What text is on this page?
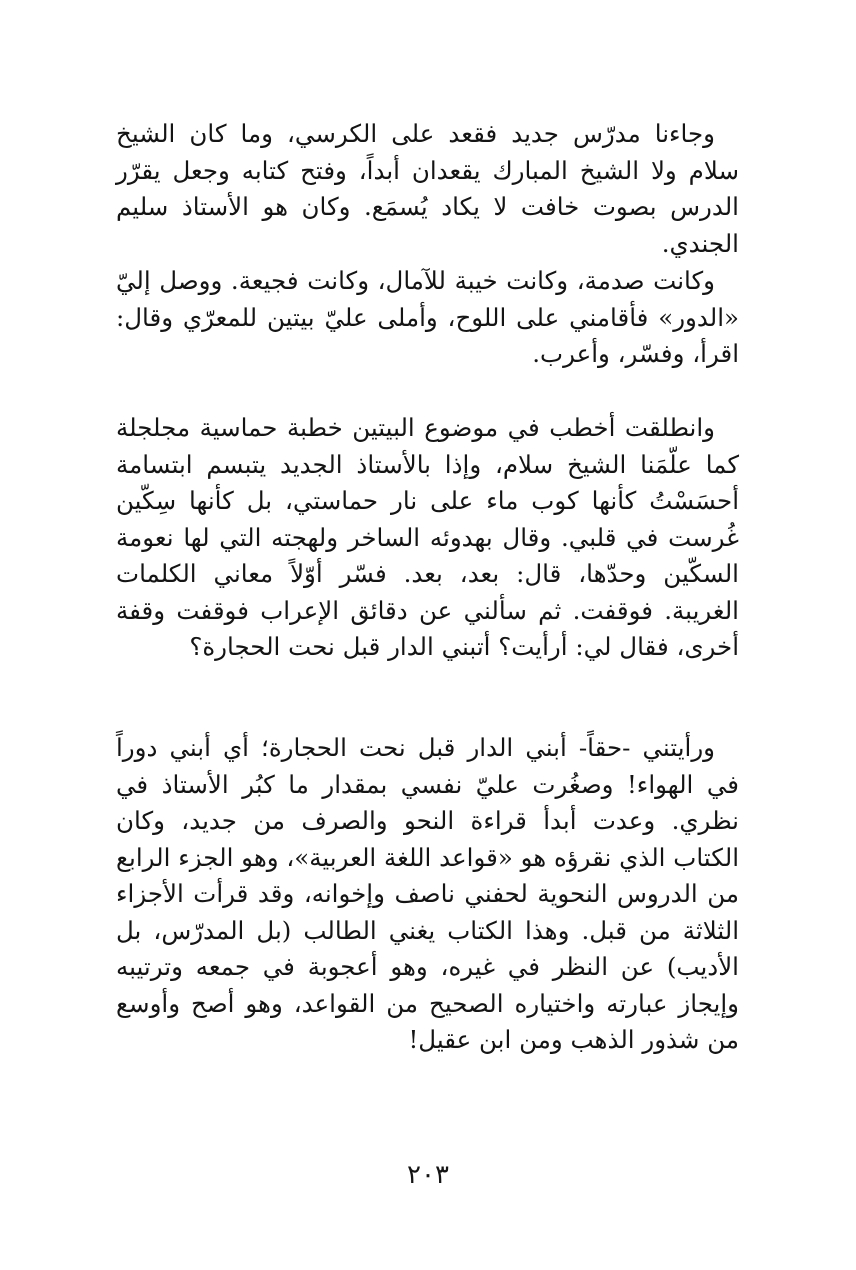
وجاءنا مدرّس جديد فقعد على الكرسي، وما كان الشيخ سلام ولا الشيخ المبارك يقعدان أبداً، وفتح كتابه وجعل يقرّر الدرس بصوت خافت لا يكاد يُسمَع. وكان هو الأستاذ سليم الجندي.

وكانت صدمة، وكانت خيبة للآمال، وكانت فجيعة. ووصل إليّ «الدور» فأقامني على اللوح، وأملى عليّ بيتين للمعرّي وقال: اقرأ، وفسّر، وأعرب.

وانطلقت أخطب في موضوع البيتين خطبة حماسية مجلجلة كما علّمَنا الشيخ سلام، وإذا بالأستاذ الجديد يتبسم ابتسامة أحسَسْتُ كأنها كوب ماء على نار حماستي، بل كأنها سِكّين غُرست في قلبي. وقال بهدوئه الساخر ولهجته التي لها نعومة السكّين وحدّها، قال: بعد، بعد. فسّر أوّلاً معاني الكلمات الغريبة. فوقفت. ثم سألني عن دقائق الإعراب فوقفت وقفة أخرى، فقال لي: أرأيت؟ أتبني الدار قبل نحت الحجارة؟

ورأيتني -حقاً- أبني الدار قبل نحت الحجارة؛ أي أبني دوراً في الهواء! وصغُرت عليّ نفسي بمقدار ما كبُر الأستاذ في نظري. وعدت أبدأ قراءة النحو والصرف من جديد، وكان الكتاب الذي نقرؤه هو «قواعد اللغة العربية»، وهو الجزء الرابع من الدروس النحوية لحفني ناصف وإخوانه، وقد قرأت الأجزاء الثلاثة من قبل. وهذا الكتاب يغني الطالب (بل المدرّس، بل الأديب) عن النظر في غيره، وهو أعجوبة في جمعه وترتيبه وإيجاز عبارته واختياره الصحيح من القواعد، وهو أصح وأوسع من شذور الذهب ومن ابن عقيل!

٢٠٣
